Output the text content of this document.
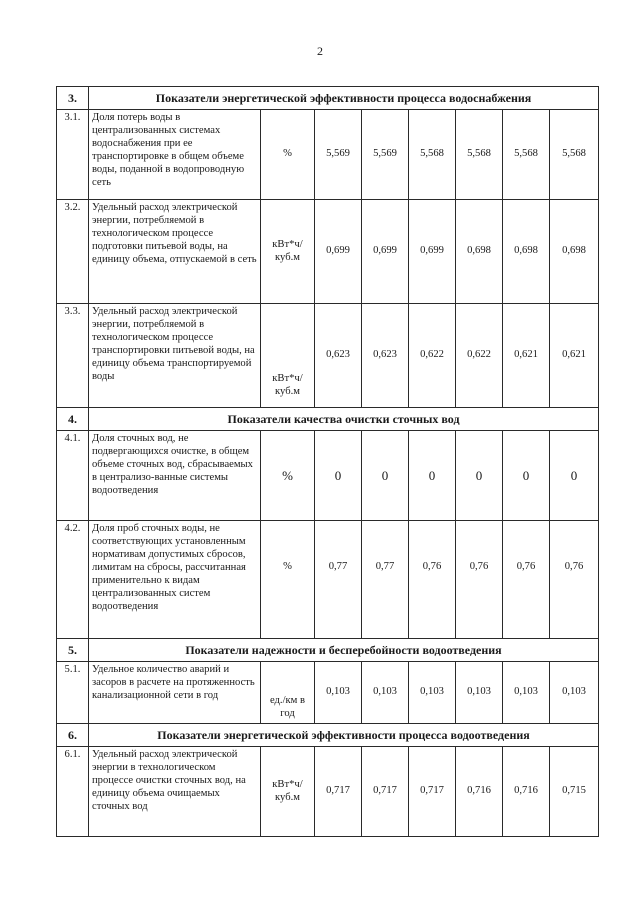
2
3.	Показатели энергетической эффективности процесса водоснабжения							
3.1.	Доля потерь воды в централизованных системах водоснабжения при ее транспортировке в общем объеме воды, поданной в водопроводную сеть	%	5,569	5,569	5,568	5,568	5,568	5,568
3.2.	Удельный расход электрической энергии, потребляемой в технологическом процессе подготовки питьевой воды, на единицу объема, отпускаемой в сеть	кВт*ч/ куб.м	0,699	0,699	0,699	0,698	0,698	0,698
3.3.	Удельный расход электрической энергии, потребляемой в технологическом процессе транспортировки питьевой воды, на единицу объема транспортируемой воды	кВт*ч/ куб.м	0,623	0,623	0,622	0,622	0,621	0,621
4.	Показатели качества очистки сточных вод							
4.1.	Доля сточных вод, не подвергающихся очистке, в общем объеме сточных вод, сбрасываемых в централизо-ванные системы водоотведения	%	0	0	0	0	0	0
4.2.	Доля проб сточных воды, не соответствующих установленным нормативам допустимых сбросов, лимитам на сбросы, рассчитанная применительно к видам централизованных систем водоотведения	%	0,77	0,77	0,76	0,76	0,76	0,76
5.	Показатели надежности и бесперебойности водоотведения							
5.1.	Удельное количество аварий и засоров в расчете на протяженность канализационной сети в год	ед./км в год	0,103	0,103	0,103	0,103	0,103	0,103
6.	Показатели энергетической эффективности процесса водоотведения							
6.1.	Удельный расход электрической энергии в технологическом процессе очистки сточных вод, на единицу объема очищаемых сточных вод	кВт*ч/ куб.м	0,717	0,717	0,717	0,716	0,716	0,715
